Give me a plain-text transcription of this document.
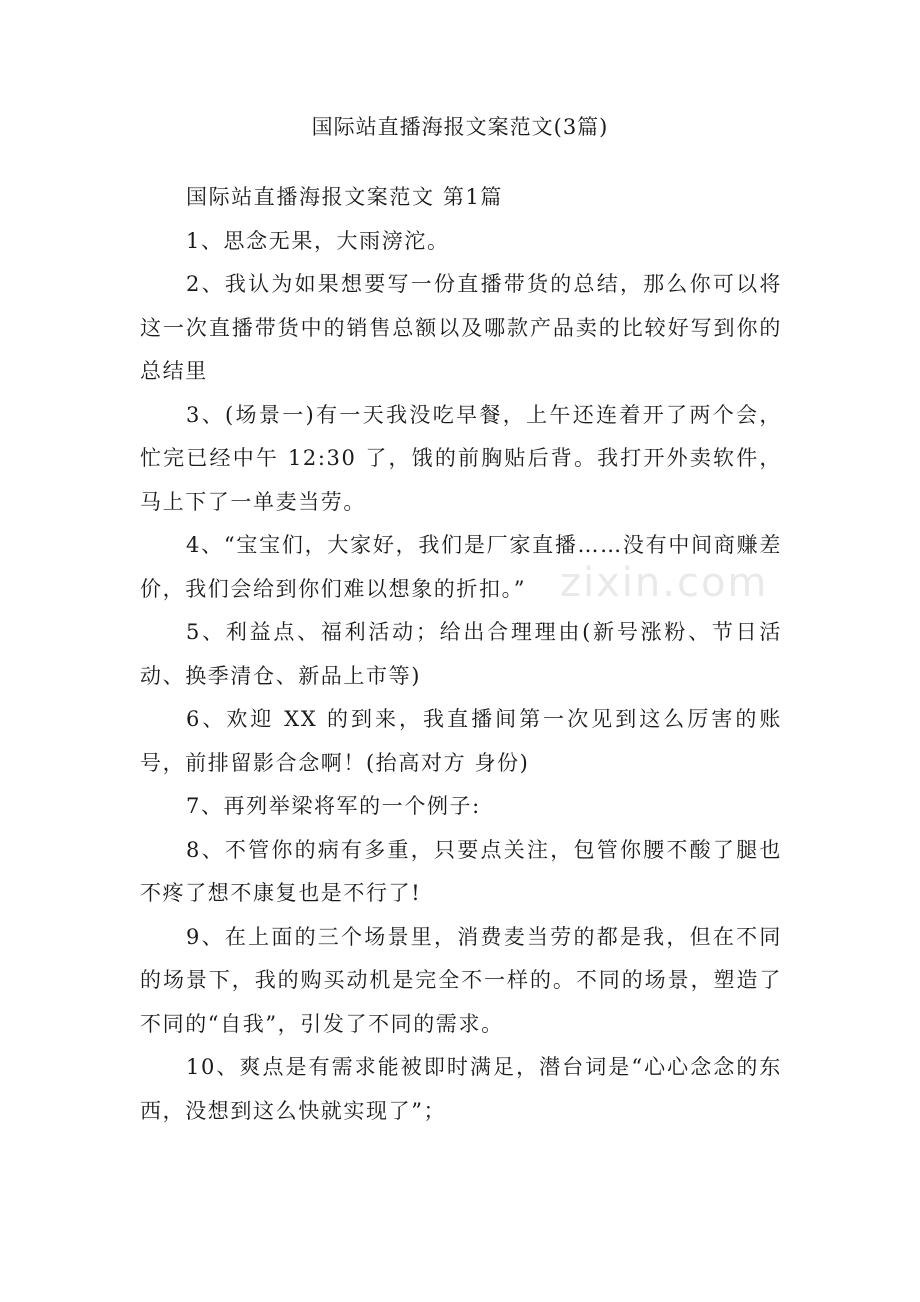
国际站直播海报文案范文(3篇)

国际站直播海报文案范文 第1篇

1、思念无果，大雨滂沱。

2、我认为如果想要写一份直播带货的总结，那么你可以将这一次直播带货中的销售总额以及哪款产品卖的比较好写到你的总结里

3、(场景一)有一天我没吃早餐，上午还连着开了两个会，忙完已经中午 12:30 了，饿的前胸贴后背。我打开外卖软件，马上下了一单麦当劳。

4、“宝宝们，大家好，我们是厂家直播……没有中间商赚差价，我们会给到你们难以想象的折扣。”

5、利益点、福利活动；给出合理理由(新号涨粉、节日活动、换季清仓、新品上市等)

6、欢迎 XX 的到来，我直播间第一次见到这么厉害的账号，前排留影合念啊！(抬高对方 身份)

7、再列举梁将军的一个例子:

8、不管你的病有多重，只要点关注，包管你腰不酸了腿也不疼了想不康复也是不行了!

9、在上面的三个场景里，消费麦当劳的都是我，但在不同的场景下，我的购买动机是完全不一样的。不同的场景，塑造了不同的“自我”，引发了不同的需求。

10、爽点是有需求能被即时满足，潜台词是“心心念念的东西，没想到这么快就实现了”；

zixin.com
